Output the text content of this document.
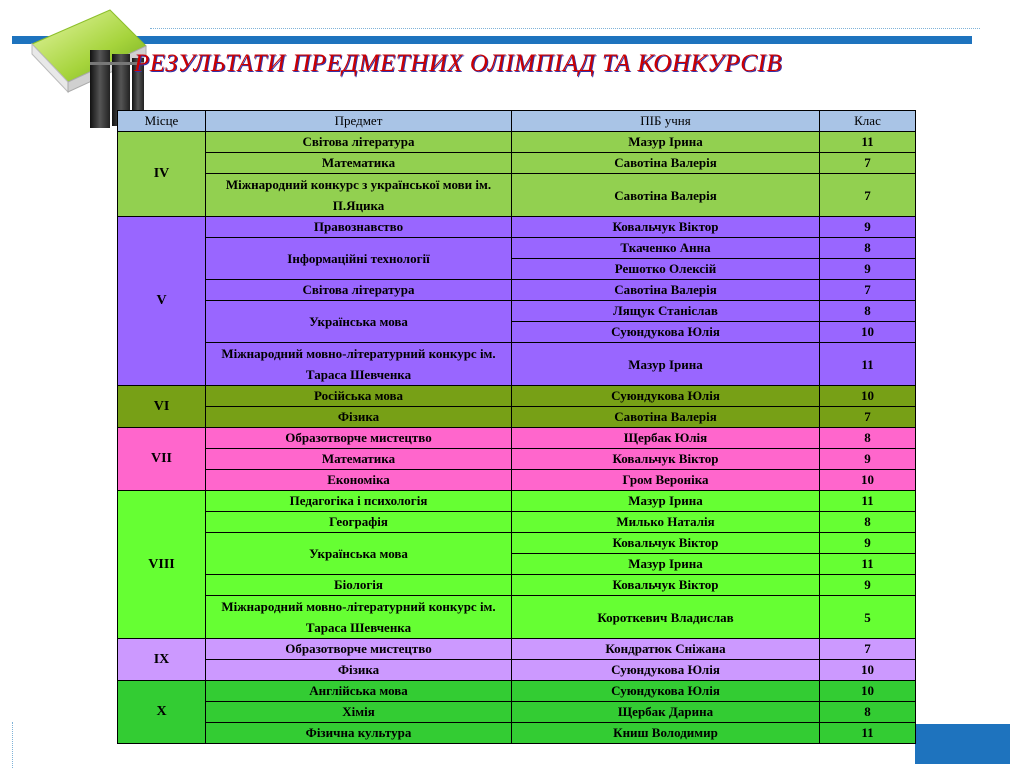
РЕЗУЛЬТАТИ ПРЕДМЕТНИХ ОЛІМПІАД ТА КОНКУРСІВ
Місце	Предмет	ПІБ учня	Клас
IV	Світова література	Мазур Ірина	11
	Математика	Савотіна Валерія	7
	Міжнародний конкурс з української мови ім. П.Яцика	Савотіна Валерія	7
V	Правознавство	Ковальчук Віктор	9
	Інформаційні технології	Ткаченко Анна	8
		Решотко Олексій	9
	Світова література	Савотіна Валерія	7
	Українська мова	Лящук Станіслав	8
		Суюндукова Юлія	10
	Міжнародний мовно-літературний конкурс ім. Тараса Шевченка	Мазур Ірина	11
VI	Російська мова	Суюндукова Юлія	10
	Фізика	Савотіна Валерія	7
VII	Образотворче мистецтво	Щербак Юлія	8
	Математика	Ковальчук Віктор	9
	Економіка	Гром Вероніка	10
VIII	Педагогіка і психологія	Мазур Ірина	11
	Географія	Милько Наталія	8
	Українська мова	Ковальчук Віктор	9
		Мазур Ірина	11
	Біологія	Ковальчук Віктор	9
	Міжнародний мовно-літературний конкурс ім. Тараса Шевченка	Короткевич Владислав	5
IX	Образотворче мистецтво	Кондратюк Сніжана	7
	Фізика	Суюндукова Юлія	10
X	Англійська мова	Суюндукова Юлія	10
	Хімія	Щербак Дарина	8
	Фізична культура	Книш Володимир	11
